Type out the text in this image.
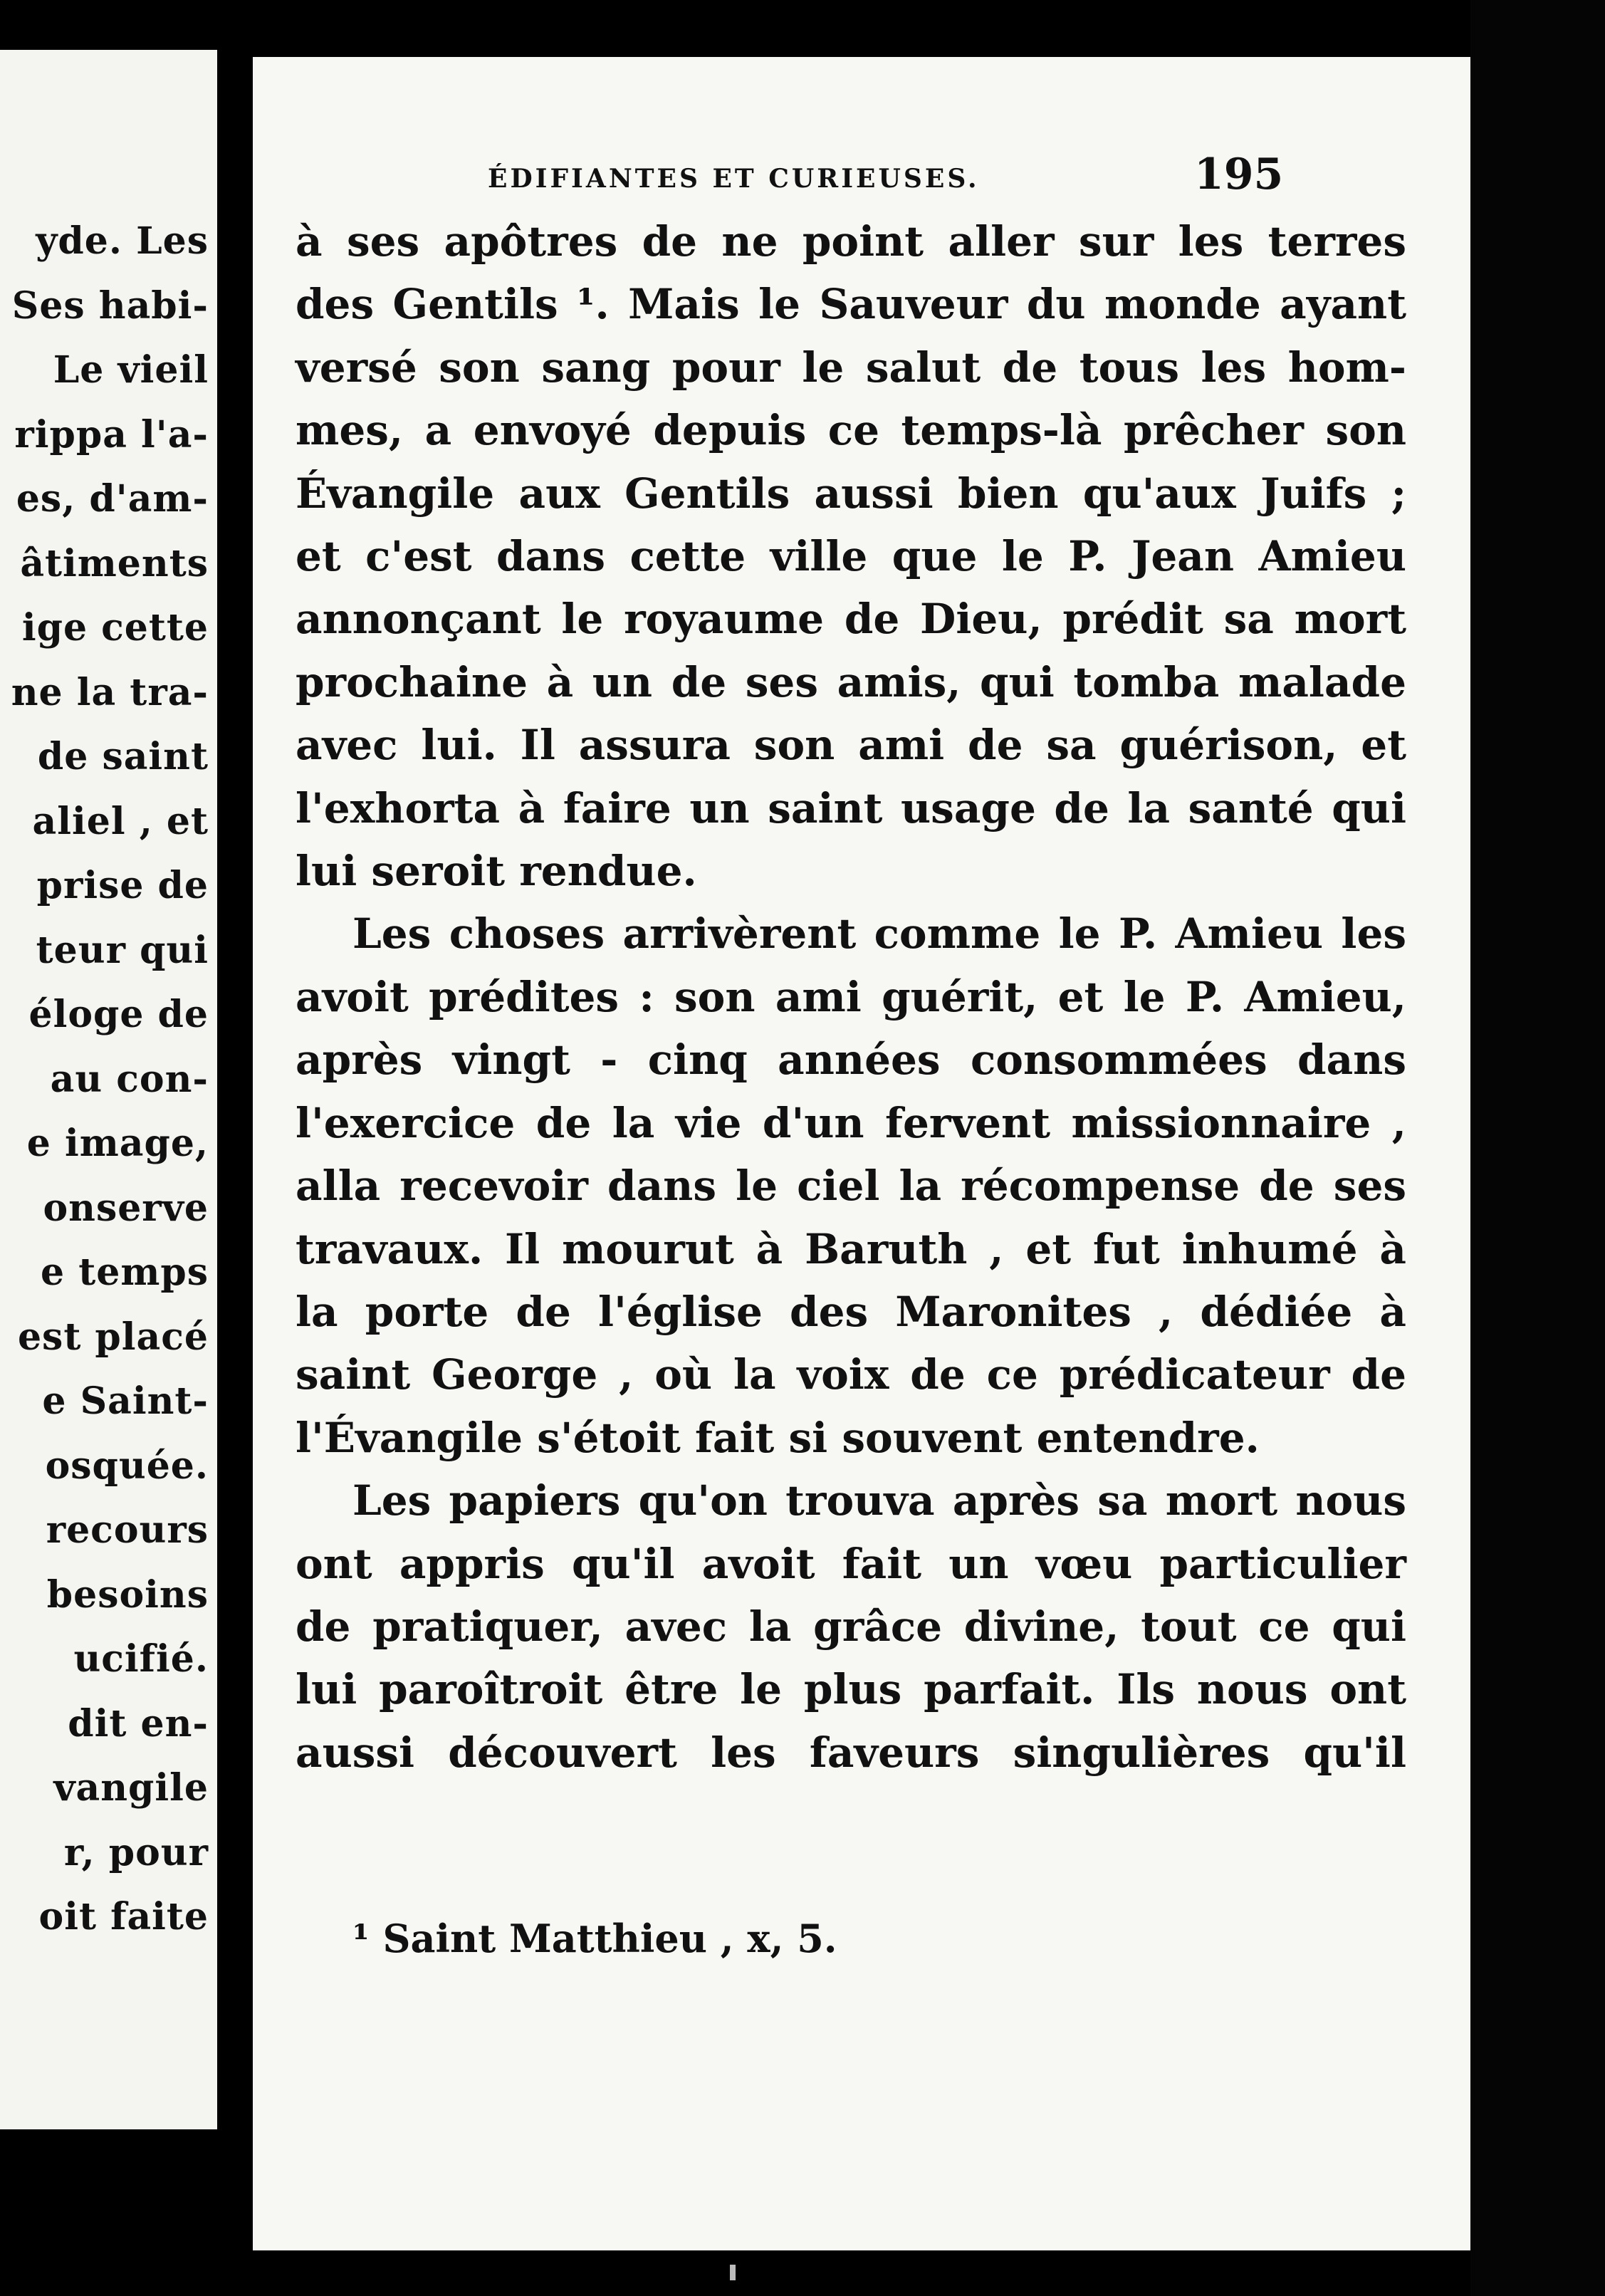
yde. Les
Ses habi-
Le vieil
rippa l'a-
es, d'am-
âtiments
ige cette
ne la tra-
de saint
aliel , et
prise de
teur qui
éloge de
au con-
e image,
onserve
e temps
est placé
e Saint-
osquée.
recours
besoins
ucifié.
dit en-
vangile
r, pour
oit faite
ÉDIFIANTES ET CURIEUSES.	195
à ses apôtres de ne point aller sur les terres
des Gentils ¹. Mais le Sauveur du monde ayant
versé son sang pour le salut de tous les hom-
mes, a envoyé depuis ce temps-là prêcher son
Évangile aux Gentils aussi bien qu'aux Juifs ;
et c'est dans cette ville que le P. Jean Amieu
annonçant le royaume de Dieu, prédit sa mort
prochaine à un de ses amis, qui tomba malade
avec lui. Il assura son ami de sa guérison, et
l'exhorta à faire un saint usage de la santé qui
lui seroit rendue.
Les choses arrivèrent comme le P. Amieu les
avoit prédites : son ami guérit, et le P. Amieu,
après vingt - cinq années consommées dans
l'exercice de la vie d'un fervent missionnaire ,
alla recevoir dans le ciel la récompense de ses
travaux. Il mourut à Baruth , et fut inhumé à
la porte de l'église des Maronites , dédiée à
saint George , où la voix de ce prédicateur de
l'Évangile s'étoit fait si souvent entendre.
Les papiers qu'on trouva après sa mort nous
ont appris qu'il avoit fait un vœu particulier
de pratiquer, avec la grâce divine, tout ce qui
lui paroîtroit être le plus parfait. Ils nous ont
aussi découvert les faveurs singulières qu'il
¹ Saint Matthieu , x, 5.
